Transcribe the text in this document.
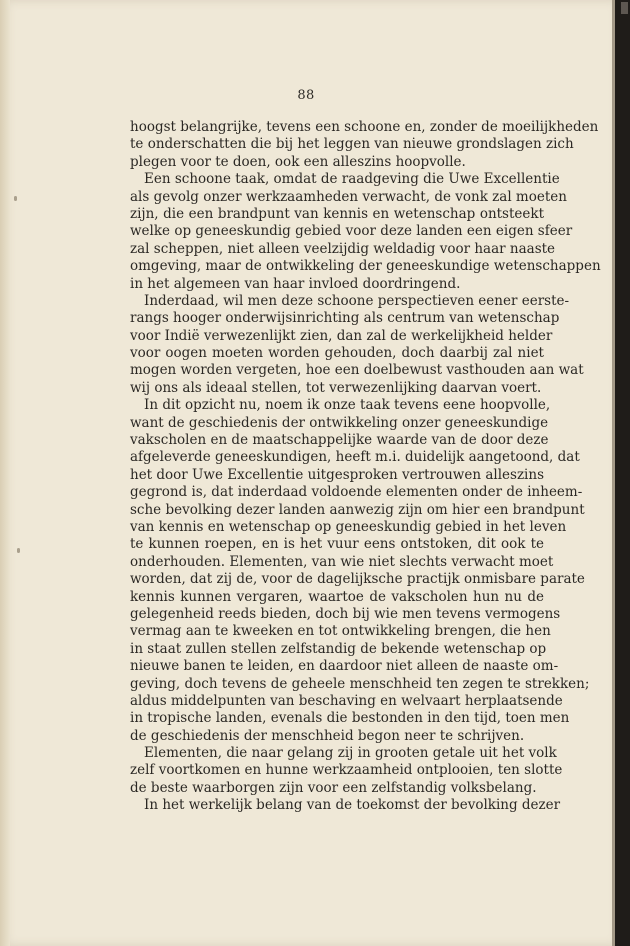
88
hoogst belangrijke, tevens een schoone en, zonder de moeilijkheden
te onderschatten die bij het leggen van nieuwe grondslagen zich
plegen voor te doen, ook een alleszins hoopvolle.
Een schoone taak, omdat de raadgeving die Uwe Excellentie
als gevolg onzer werkzaamheden verwacht, de vonk zal moeten
zijn, die een brandpunt van kennis en wetenschap ontsteekt
welke op geneeskundig gebied voor deze landen een eigen sfeer
zal scheppen, niet alleen veelzijdig weldadig voor haar naaste
omgeving, maar de ontwikkeling der geneeskundige wetenschappen
in het algemeen van haar invloed doordringend.
Inderdaad, wil men deze schoone perspectieven eener eerste-
rangs hooger onderwijsinrichting als centrum van wetenschap
voor Indië verwezenlijkt zien, dan zal de werkelijkheid helder
voor oogen moeten worden gehouden, doch daarbij zal niet
mogen worden vergeten, hoe een doelbewust vasthouden aan wat
wij ons als ideaal stellen, tot verwezenlijking daarvan voert.
In dit opzicht nu, noem ik onze taak tevens eene hoopvolle,
want de geschiedenis der ontwikkeling onzer geneeskundige
vakscholen en de maatschappelijke waarde van de door deze
afgeleverde geneeskundigen, heeft m.i. duidelijk aangetoond, dat
het door Uwe Excellentie uitgesproken vertrouwen alleszins
gegrond is, dat inderdaad voldoende elementen onder de inheem-
sche bevolking dezer landen aanwezig zijn om hier een brandpunt
van kennis en wetenschap op geneeskundig gebied in het leven
te kunnen roepen, en is het vuur eens ontstoken, dit ook te
onderhouden. Elementen, van wie niet slechts verwacht moet
worden, dat zij de, voor de dagelijksche practijk onmisbare parate
kennis kunnen vergaren, waartoe de vakscholen hun nu de
gelegenheid reeds bieden, doch bij wie men tevens vermogens
vermag aan te kweeken en tot ontwikkeling brengen, die hen
in staat zullen stellen zelfstandig de bekende wetenschap op
nieuwe banen te leiden, en daardoor niet alleen de naaste om-
geving, doch tevens de geheele menschheid ten zegen te strekken;
aldus middelpunten van beschaving en welvaart herplaatsende
in tropische landen, evenals die bestonden in den tijd, toen men
de geschiedenis der menschheid begon neer te schrijven.
Elementen, die naar gelang zij in grooten getale uit het volk
zelf voortkomen en hunne werkzaamheid ontplooien, ten slotte
de beste waarborgen zijn voor een zelfstandig volksbelang.
In het werkelijk belang van de toekomst der bevolking dezer
